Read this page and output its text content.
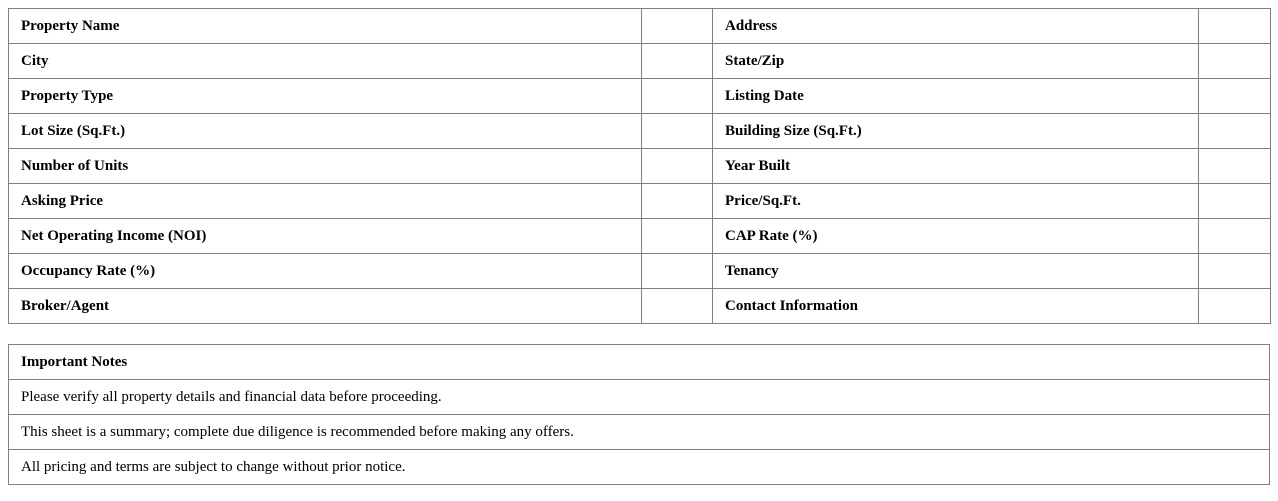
Property Name		Address	
City		State/Zip	
Property Type		Listing Date	
Lot Size (Sq.Ft.)		Building Size (Sq.Ft.)	
Number of Units		Year Built	
Asking Price		Price/Sq.Ft.	
Net Operating Income (NOI)		CAP Rate (%)	
Occupancy Rate (%)		Tenancy	
Broker/Agent		Contact Information	
Important Notes
Please verify all property details and financial data before proceeding.
This sheet is a summary; complete due diligence is recommended before making any offers.
All pricing and terms are subject to change without prior notice.
